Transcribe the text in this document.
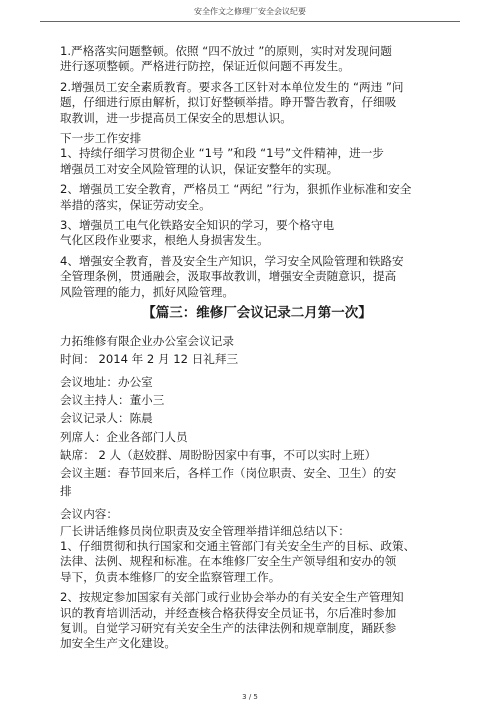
安全作文之修理厂安全会议纪要
1.严格落实问题整顿。依照 “四不放过 ”的原则，实时对发现问题
进行逐项整顿。严格进行防控，保证近似问题不再发生。
2.增强员工安全素质教育。要求各工区针对本单位发生的 “两违 ”问
题，仔细进行原由解析，拟订好整顿举措。睁开警告教育，仔细吸
取教训，进一步提高员工保安全的思想认识。
下一步工作安排
1、持续仔细学习贯彻企业 “1号 ”和段 “1号”文件精神，进一步
增强员工对安全风险管理的认识，保证安整年的实现。
2、增强员工安全教育，严格员工 “两纪 ”行为，狠抓作业标准和安全
举措的落实，保证劳动安全。
3、增强员工电气化铁路安全知识的学习，要个格守电
气化区段作业要求，根绝人身损害发生。
4、增强安全教育，普及安全生产知识，学习安全风险管理和铁路安
全管理条例，贯通融会，汲取事故教训，增强安全责随意识，提高
风险管理的能力，抓好风险管理。
【篇三：维修厂会议记录二月第一次】
力拓维修有限企业办公室会议记录
时间： 2014 年 2 月 12 日礼拜三
会议地址：办公室
会议主持人：董小三
会议记录人：陈晨
列席人：企业各部门人员
缺席： 2 人（赵姣群、周盼盼因家中有事，不可以实时上班）
会议主题：春节回来后，各样工作（岗位职责、安全、卫生）的安
排
会议内容：
厂长讲话维修员岗位职责及安全管理举措详细总结以下：
1、仔细贯彻和执行国家和交通主管部门有关安全生产的目标、政策、
法律、法例、规程和标准。在本维修厂安全生产领导组和安办的领
导下，负责本维修厂的安全监察管理工作。
2、按规定参加国家有关部门或行业协会举办的有关安全生产管理知
识的教育培训活动，并经查核合格获得安全员证书，尔后准时参加
复训。自觉学习研究有关安全生产的法律法例和规章制度，踊跃参
加安全生产文化建设。
3 / 5
